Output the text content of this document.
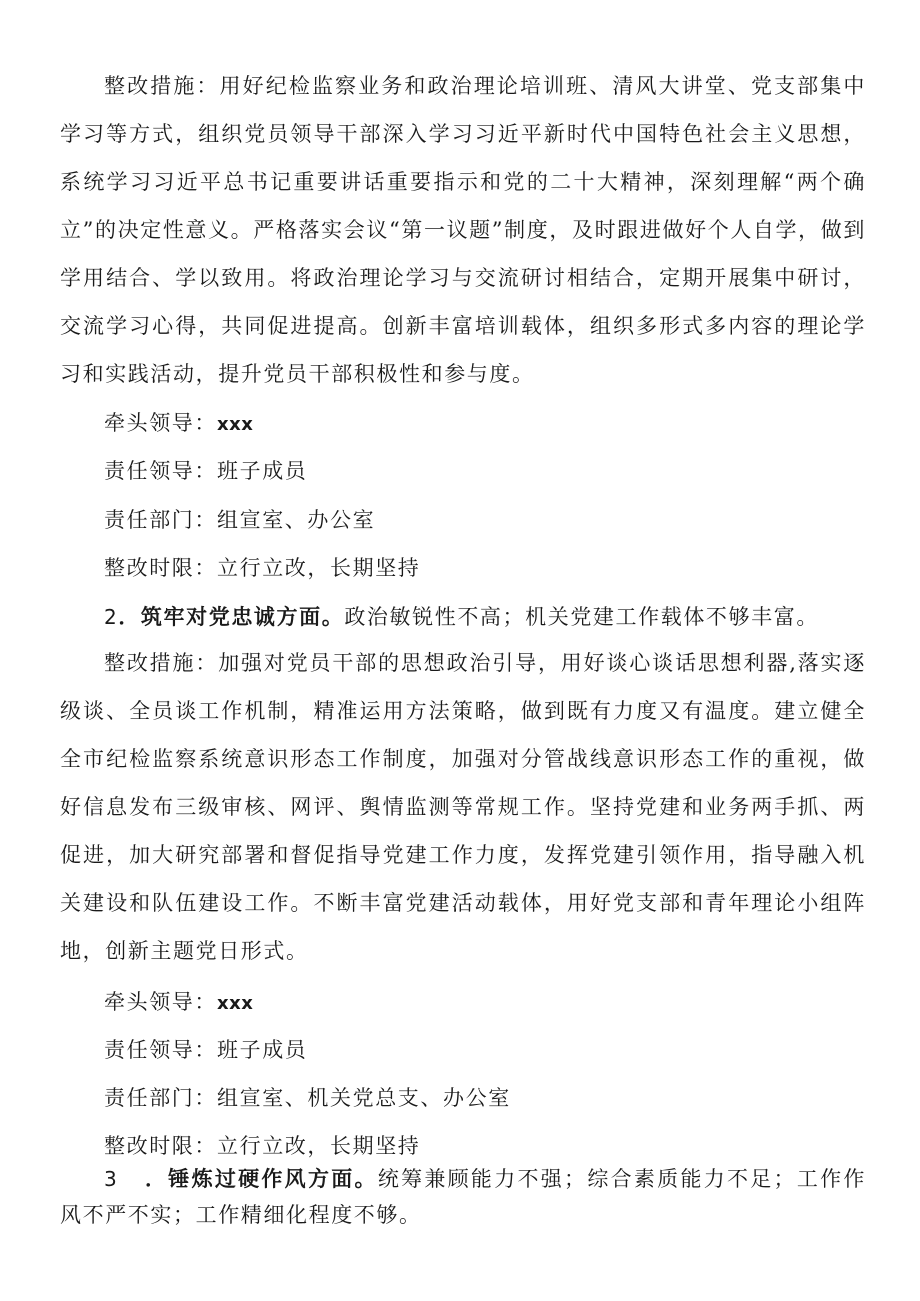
整改措施：用好纪检监察业务和政治理论培训班、清风大讲堂、党支部集中学习等方式，组织党员领导干部深入学习习近平新时代中国特色社会主义思想，系统学习习近平总书记重要讲话重要指示和党的二十大精神，深刻理解“两个确立”的决定性意义。严格落实会议“第一议题”制度，及时跟进做好个人自学，做到学用结合、学以致用。将政治理论学习与交流研讨相结合，定期开展集中研讨，交流学习心得，共同促进提高。创新丰富培训载体，组织多形式多内容的理论学习和实践活动，提升党员干部积极性和参与度。

牵头领导：xxx

责任领导：班子成员

责任部门：组宣室、办公室

整改时限：立行立改，长期坚持

2．筑牢对党忠诚方面。政治敏锐性不高；机关党建工作载体不够丰富。

整改措施：加强对党员干部的思想政治引导，用好谈心谈话思想利器,落实逐级谈、全员谈工作机制，精准运用方法策略，做到既有力度又有温度。建立健全全市纪检监察系统意识形态工作制度，加强对分管战线意识形态工作的重视，做好信息发布三级审核、网评、舆情监测等常规工作。坚持党建和业务两手抓、两促进，加大研究部署和督促指导党建工作力度，发挥党建引领作用，指导融入机关建设和队伍建设工作。不断丰富党建活动载体，用好党支部和青年理论小组阵地，创新主题党日形式。

牵头领导：xxx

责任领导：班子成员

责任部门：组宣室、机关党总支、办公室

整改时限：立行立改，长期坚持

3 ．锤炼过硬作风方面。统筹兼顾能力不强；综合素质能力不足；工作作风不严不实；工作精细化程度不够。
